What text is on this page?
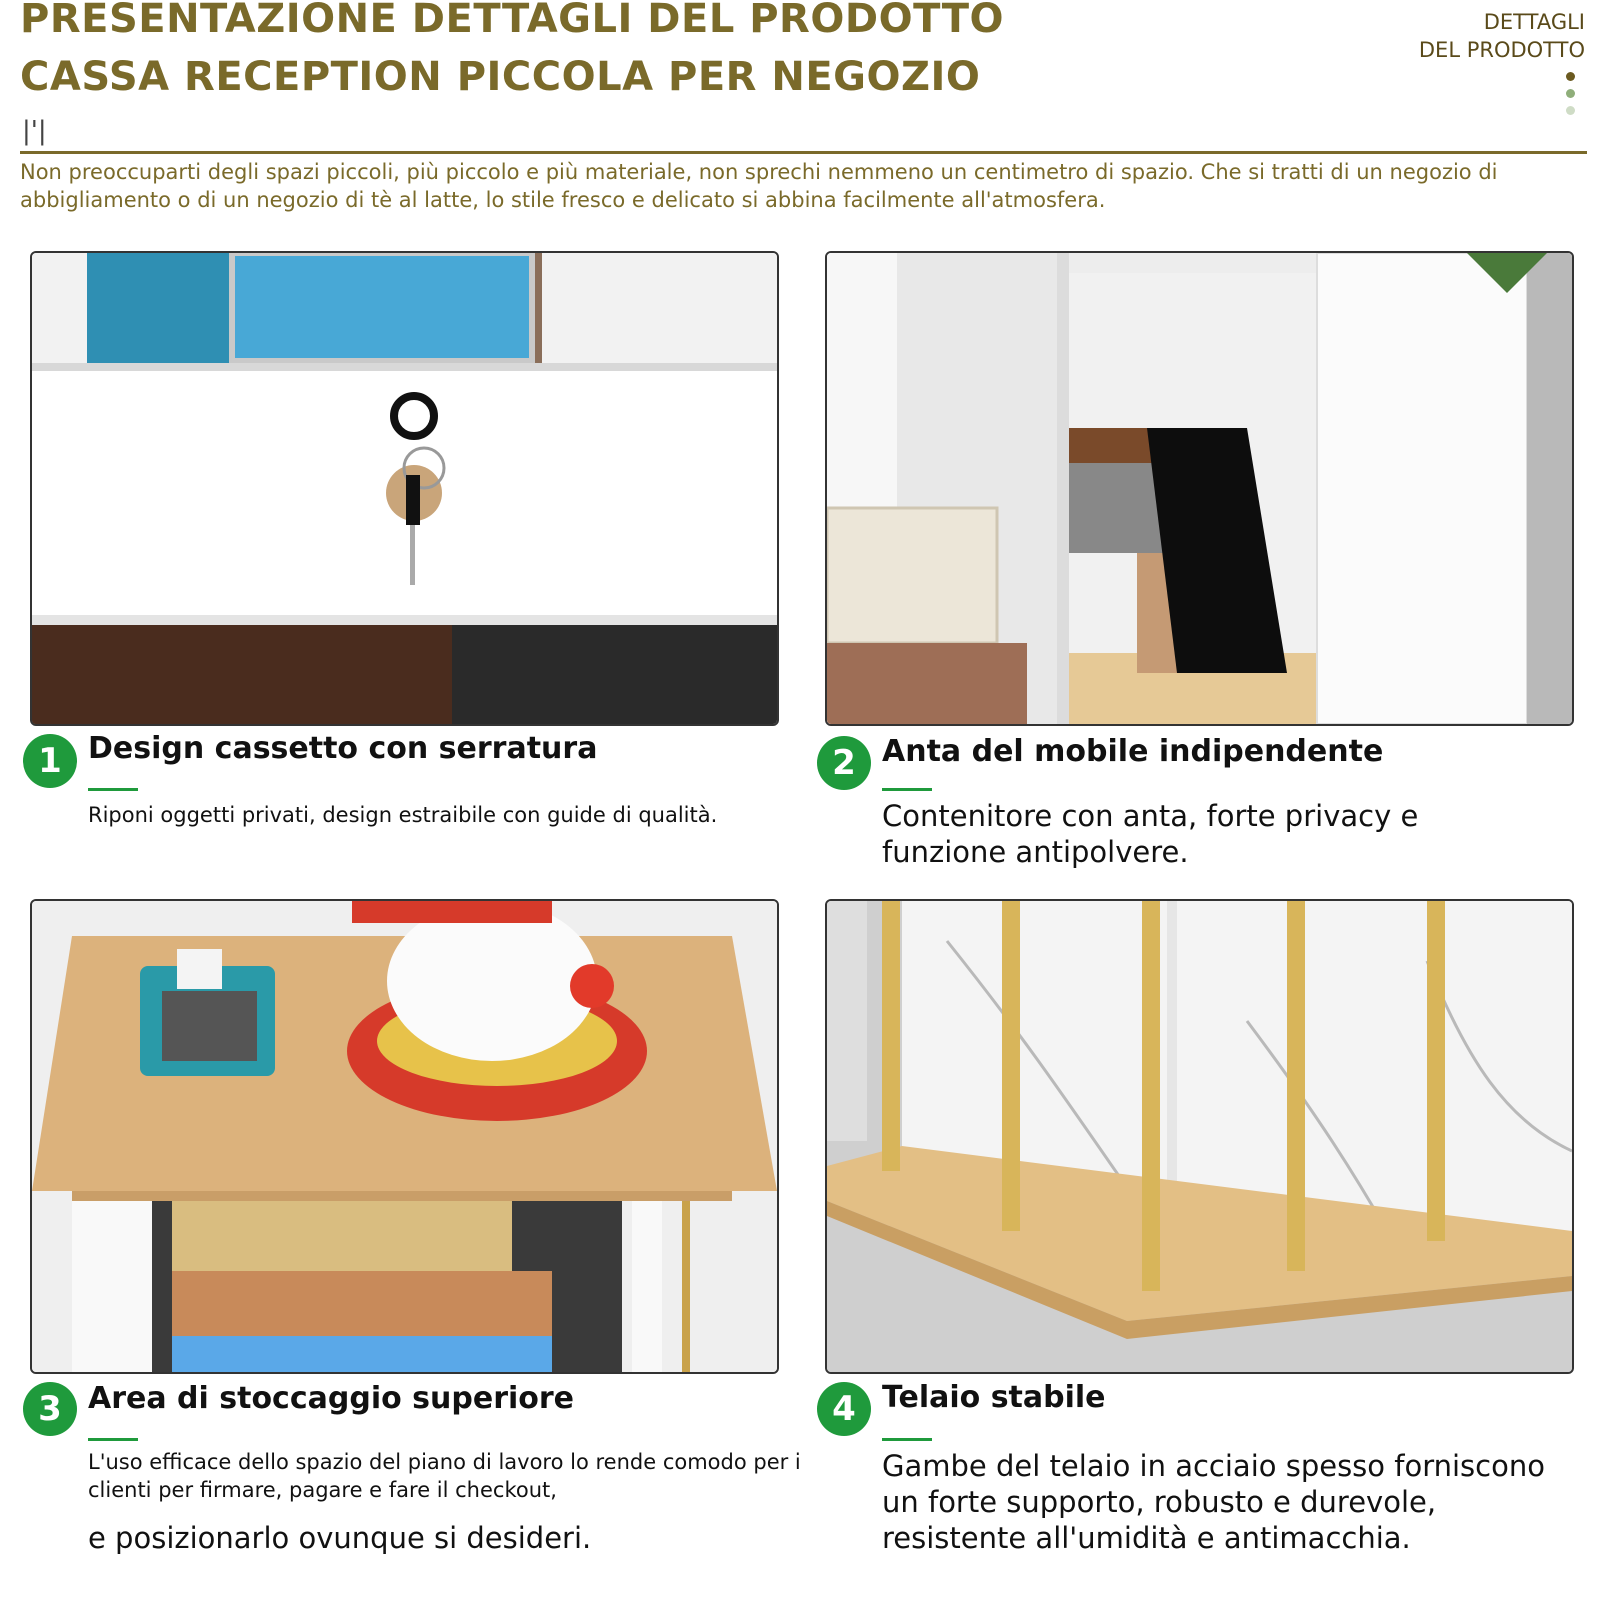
PRESENTAZIONE DETTAGLI DEL PRODOTTO
CASSA RECEPTION PICCOLA PER NEGOZIO
|'|
DETTAGLI
DEL PRODOTTO

Non preoccuparti degli spazi piccoli, più piccolo e più materiale, non sprechi nemmeno un centimetro di spazio. Che si tratti di un negozio di abbigliamento o di un negozio di tè al latte, lo stile fresco e delicato si abbina facilmente all'atmosfera.

1 Design cassetto con serratura

Riponi oggetti privati, design estraibile con guide di qualità.

2 Anta del mobile indipendente
Contenitore con anta, forte privacy e
funzione antipolvere.
3 Area di stoccaggio superiore
L'uso efficace dello spazio del piano di lavoro lo rende comodo per i
clienti per firmare, pagare e fare il checkout,

e posizionarlo ovunque si desideri.

4 Telaio stabile
Gambe del telaio in acciaio spesso forniscono
un forte supporto, robusto e durevole,
resistente all'umidità e antimacchia.
